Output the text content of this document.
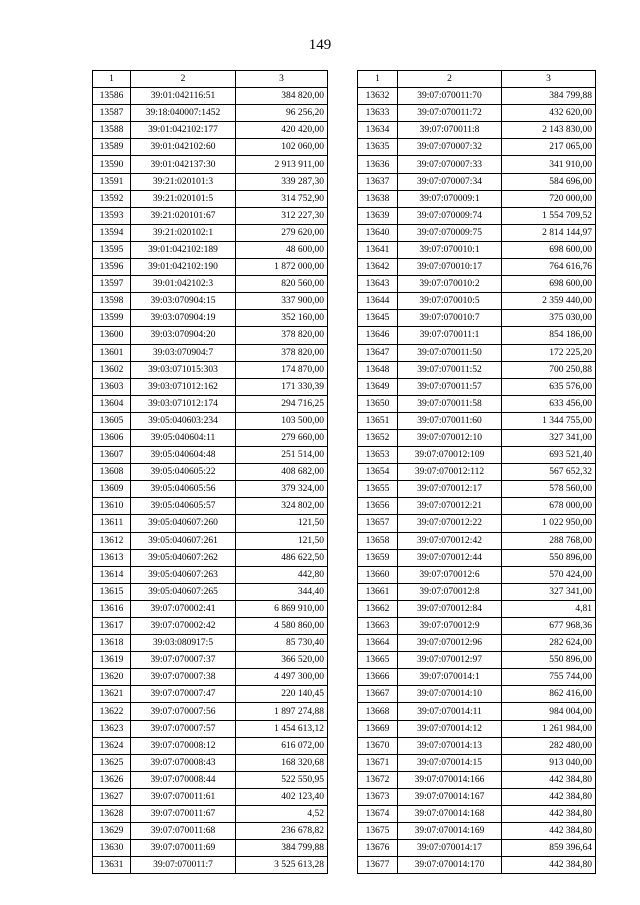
149
1	2	3
13586	39:01:042116:51	384 820,00
13587	39:18:040007:1452	96 256,20
13588	39:01:042102:177	420 420,00
13589	39:01:042102:60	102 060,00
13590	39:01:042137:30	2 913 911,00
13591	39:21:020101:3	339 287,30
13592	39:21:020101:5	314 752,90
13593	39:21:020101:67	312 227,30
13594	39:21:020102:1	279 620,00
13595	39:01:042102:189	48 600,00
13596	39:01:042102:190	1 872 000,00
13597	39:01:042102:3	820 560,00
13598	39:03:070904:15	337 900,00
13599	39:03:070904:19	352 160,00
13600	39:03:070904:20	378 820,00
13601	39:03:070904:7	378 820,00
13602	39:03:071015:303	174 870,00
13603	39:03:071012:162	171 330,39
13604	39:03:071012:174	294 716,25
13605	39:05:040603:234	103 500,00
13606	39:05:040604:11	279 660,00
13607	39:05:040604:48	251 514,00
13608	39:05:040605:22	408 682,00
13609	39:05:040605:56	379 324,00
13610	39:05:040605:57	324 802,00
13611	39:05:040607:260	121,50
13612	39:05:040607:261	121,50
13613	39:05:040607:262	486 622,50
13614	39:05:040607:263	442,80
13615	39:05:040607:265	344,40
13616	39:07:070002:41	6 869 910,00
13617	39:07:070002:42	4 580 860,00
13618	39:03:080917:5	85 730,40
13619	39:07:070007:37	366 520,00
13620	39:07:070007:38	4 497 300,00
13621	39:07:070007:47	220 140,45
13622	39:07:070007:56	1 897 274,88
13623	39:07:070007:57	1 454 613,12
13624	39:07:070008:12	616 072,00
13625	39:07:070008:43	168 320,68
13626	39:07:070008:44	522 550,95
13627	39:07:070011:61	402 123,40
13628	39:07:070011:67	4,52
13629	39:07:070011:68	236 678,82
13630	39:07:070011:69	384 799,88
13631	39:07:070011:7	3 525 613,28
1	2	3
13632	39:07:070011:70	384 799,88
13633	39:07:070011:72	432 620,00
13634	39:07:070011:8	2 143 830,00
13635	39:07:070007:32	217 065,00
13636	39:07:070007:33	341 910,00
13637	39:07:070007:34	584 696,00
13638	39:07:070009:1	720 000,00
13639	39:07:070009:74	1 554 709,52
13640	39:07:070009:75	2 814 144,97
13641	39:07:070010:1	698 600,00
13642	39:07:070010:17	764 616,76
13643	39:07:070010:2	698 600,00
13644	39:07:070010:5	2 359 440,00
13645	39:07:070010:7	375 030,00
13646	39:07:070011:1	854 186,00
13647	39:07:070011:50	172 225,20
13648	39:07:070011:52	700 250,88
13649	39:07:070011:57	635 576,00
13650	39:07:070011:58	633 456,00
13651	39:07:070011:60	1 344 755,00
13652	39:07:070012:10	327 341,00
13653	39:07:070012:109	693 521,40
13654	39:07:070012:112	567 652,32
13655	39:07:070012:17	578 560,00
13656	39:07:070012:21	678 000,00
13657	39:07:070012:22	1 022 950,00
13658	39:07:070012:42	288 768,00
13659	39:07:070012:44	550 896,00
13660	39:07:070012:6	570 424,00
13661	39:07:070012:8	327 341,00
13662	39:07:070012:84	4,81
13663	39:07:070012:9	677 968,36
13664	39:07:070012:96	282 624,00
13665	39:07:070012:97	550 896,00
13666	39:07:070014:1	755 744,00
13667	39:07:070014:10	862 416,00
13668	39:07:070014:11	984 004,00
13669	39:07:070014:12	1 261 984,00
13670	39:07:070014:13	282 480,00
13671	39:07:070014:15	913 040,00
13672	39:07:070014:166	442 384,80
13673	39:07:070014:167	442 384,80
13674	39:07:070014:168	442 384,80
13675	39:07:070014:169	442 384,80
13676	39:07:070014:17	859 396,64
13677	39:07:070014:170	442 384,80
